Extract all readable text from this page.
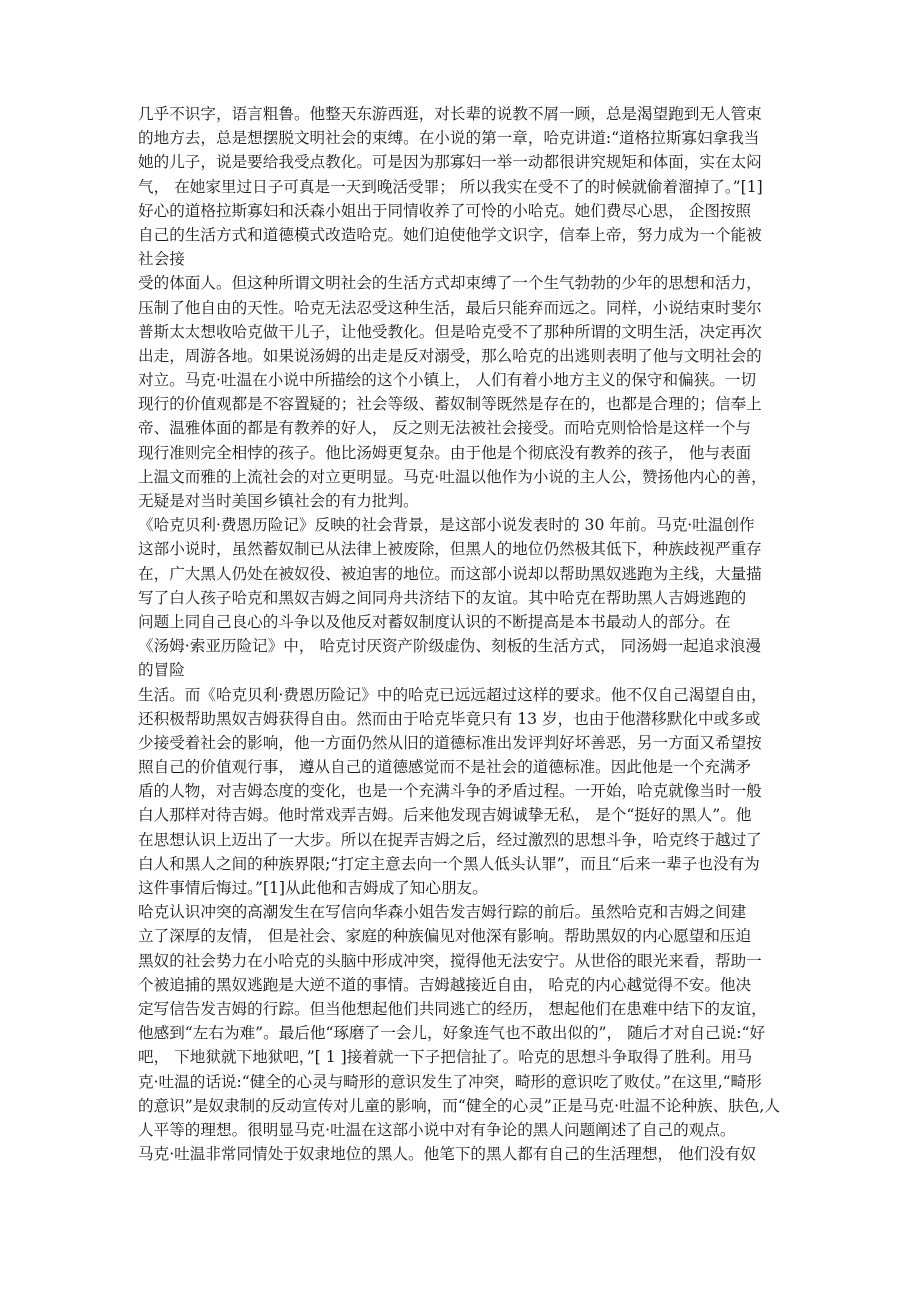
几乎不识字，语言粗鲁。他整天东游西逛，对长辈的说教不屑一顾，总是渴望跑到无人管束

的地方去，总是想摆脱文明社会的束缚。在小说的第一章，哈克讲道:“道格拉斯寡妇拿我当

她的儿子，说是要给我受点教化。可是因为那寡妇一举一动都很讲究规矩和体面，实在太闷

气， 在她家里过日子可真是一天到晚活受罪； 所以我实在受不了的时候就偷着溜掉了。”[1]

好心的道格拉斯寡妇和沃森小姐出于同情收养了可怜的小哈克。她们费尽心思， 企图按照

自己的生活方式和道德模式改造哈克。她们迫使他学文识字，信奉上帝，努力成为一个能被

社会接

受的体面人。但这种所谓文明社会的生活方式却束缚了一个生气勃勃的少年的思想和活力，

压制了他自由的天性。哈克无法忍受这种生活，最后只能弃而远之。同样，小说结束时斐尔

普斯太太想收哈克做干儿子，让他受教化。但是哈克受不了那种所谓的文明生活，决定再次

出走，周游各地。如果说汤姆的出走是反对溺受，那么哈克的出逃则表明了他与文明社会的

对立。马克·吐温在小说中所描绘的这个小镇上， 人们有着小地方主义的保守和偏狭。一切

现行的价值观都是不容置疑的；社会等级、蓄奴制等既然是存在的，也都是合理的；信奉上

帝、温雅体面的都是有教养的好人， 反之则无法被社会接受。而哈克则恰恰是这样一个与

现行准则完全相悖的孩子。他比汤姆更复杂。由于他是个彻底没有教养的孩子， 他与表面

上温文而雅的上流社会的对立更明显。马克·吐温以他作为小说的主人公，赞扬他内心的善，

无疑是对当时美国乡镇社会的有力批判。

《哈克贝利·费恩历险记》反映的社会背景，是这部小说发表时的 30 年前。马克·吐温创作

这部小说时，虽然蓄奴制已从法律上被废除，但黑人的地位仍然极其低下，种族歧视严重存

在，广大黑人仍处在被奴役、被迫害的地位。而这部小说却以帮助黑奴逃跑为主线，大量描

写了白人孩子哈克和黑奴吉姆之间同舟共济结下的友谊。其中哈克在帮助黑人吉姆逃跑的

问题上同自己良心的斗争以及他反对蓄奴制度认识的不断提高是本书最动人的部分。在

《汤姆·索亚历险记》中， 哈克讨厌资产阶级虚伪、刻板的生活方式， 同汤姆一起追求浪漫

的冒险

生活。而《哈克贝利·费恩历险记》中的哈克已远远超过这样的要求。他不仅自己渴望自由，

还积极帮助黑奴吉姆获得自由。然而由于哈克毕竟只有 13 岁，也由于他潜移默化中或多或

少接受着社会的影响，他一方面仍然从旧的道德标准出发评判好坏善恶，另一方面又希望按

照自己的价值观行事， 遵从自己的道德感觉而不是社会的道德标准。因此他是一个充满矛

盾的人物，对吉姆态度的变化，也是一个充满斗争的矛盾过程。一开始，哈克就像当时一般

白人那样对待吉姆。他时常戏弄吉姆。后来他发现吉姆诚挚无私， 是个“挺好的黑人”。他

在思想认识上迈出了一大步。所以在捉弄吉姆之后，经过激烈的思想斗争，哈克终于越过了

白人和黑人之间的种族界限;“打定主意去向一个黑人低头认罪”，而且“后来一辈子也没有为

这件事情后悔过。”[1]从此他和吉姆成了知心朋友。

哈克认识冲突的高潮发生在写信向华森小姐告发吉姆行踪的前后。虽然哈克和吉姆之间建

立了深厚的友情， 但是社会、家庭的种族偏见对他深有影响。帮助黑奴的内心愿望和压迫

黑奴的社会势力在小哈克的头脑中形成冲突，搅得他无法安宁。从世俗的眼光来看，帮助一

个被追捕的黑奴逃跑是大逆不道的事情。吉姆越接近自由， 哈克的内心越觉得不安。他决

定写信告发吉姆的行踪。但当他想起他们共同逃亡的经历， 想起他们在患难中结下的友谊，

他感到“左右为难”。最后他“琢磨了一会儿，好象连气也不敢出似的”， 随后才对自己说:“好

吧， 下地狱就下地狱吧，”[ 1 ]接着就一下子把信扯了。哈克的思想斗争取得了胜利。用马

克·吐温的话说:“健全的心灵与畸形的意识发生了冲突，畸形的意识吃了败仗。”在这里,“畸形

的意识”是奴隶制的反动宣传对儿童的影响，而“健全的心灵”正是马克·吐温不论种族、肤色,人

人平等的理想。很明显马克·吐温在这部小说中对有争论的黑人问题阐述了自己的观点。

马克·吐温非常同情处于奴隶地位的黑人。他笔下的黑人都有自己的生活理想， 他们没有奴
